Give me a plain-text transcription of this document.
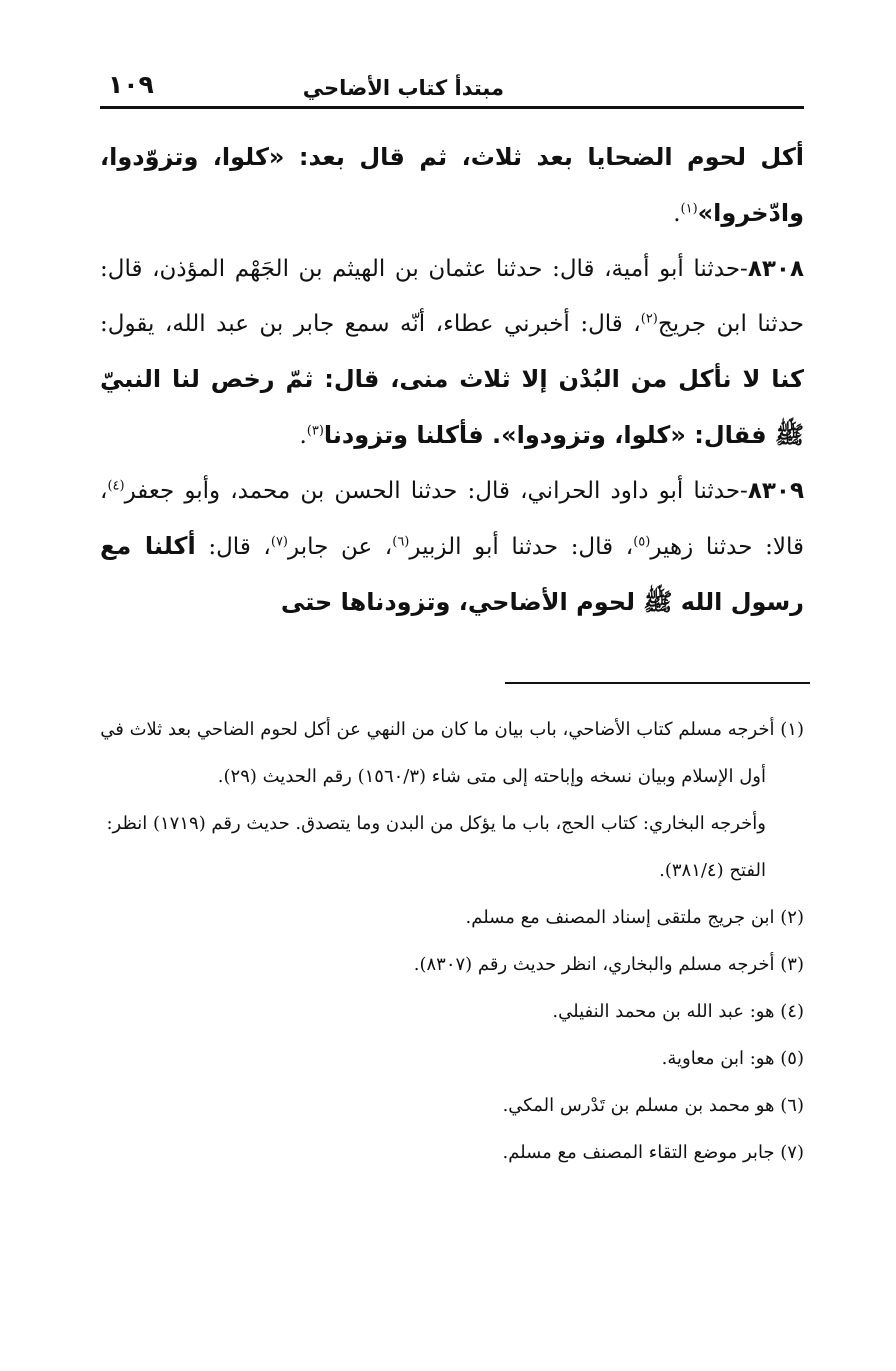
مبتدأ كتاب الأضاحي
١٠٩

أكل لحوم الضحايا بعد ثلاث، ثم قال بعد: «كلوا، وتزوّدوا، وادّخروا»$^{(١)}$.

٨٣٠٨-حدثنا أبو أمية، قال: حدثنا عثمان بن الهيثم بن الجَهْم المؤذن، قال: حدثنا ابن جريج$^{(٢)}$، قال: أخبرني عطاء، أنّه سمع جابر بن عبد الله، يقول: كنا لا نأكل من البُدْن إلا ثلاث منى، قال: ثمّ رخص لنا النبيّ ﷺ فقال: «كلوا، وتزودوا». فأكلنا وتزودنا$^{(٣)}$.

٨٣٠٩-حدثنا أبو داود الحراني، قال: حدثنا الحسن بن محمد، وأبو جعفر$^{(٤)}$، قالا: حدثنا زهير$^{(٥)}$، قال: حدثنا أبو الزبير$^{(٦)}$، عن جابر$^{(٧)}$، قال: أكلنا مع رسول الله ﷺ لحوم الأضاحي، وتزودناها حتى

(١) أخرجه مسلم كتاب الأضاحي، باب بيان ما كان من النهي عن أكل لحوم الضاحي بعد ثلاث في أول الإسلام وبيان نسخه وإباحته إلى متى شاء (١٥٦٠/٣) رقم الحديث (٢٩).

وأخرجه البخاري: كتاب الحج، باب ما يؤكل من البدن وما يتصدق. حديث رقم (١٧١٩) انظر: الفتح (٣٨١/٤).

(٢) ابن جريج ملتقى إسناد المصنف مع مسلم.

(٣) أخرجه مسلم والبخاري، انظر حديث رقم (٨٣٠٧).

(٤) هو: عبد الله بن محمد النفيلي.

(٥) هو: ابن معاوية.

(٦) هو محمد بن مسلم بن تَدْرس المكي.

(٧) جابر موضع التقاء المصنف مع مسلم.
